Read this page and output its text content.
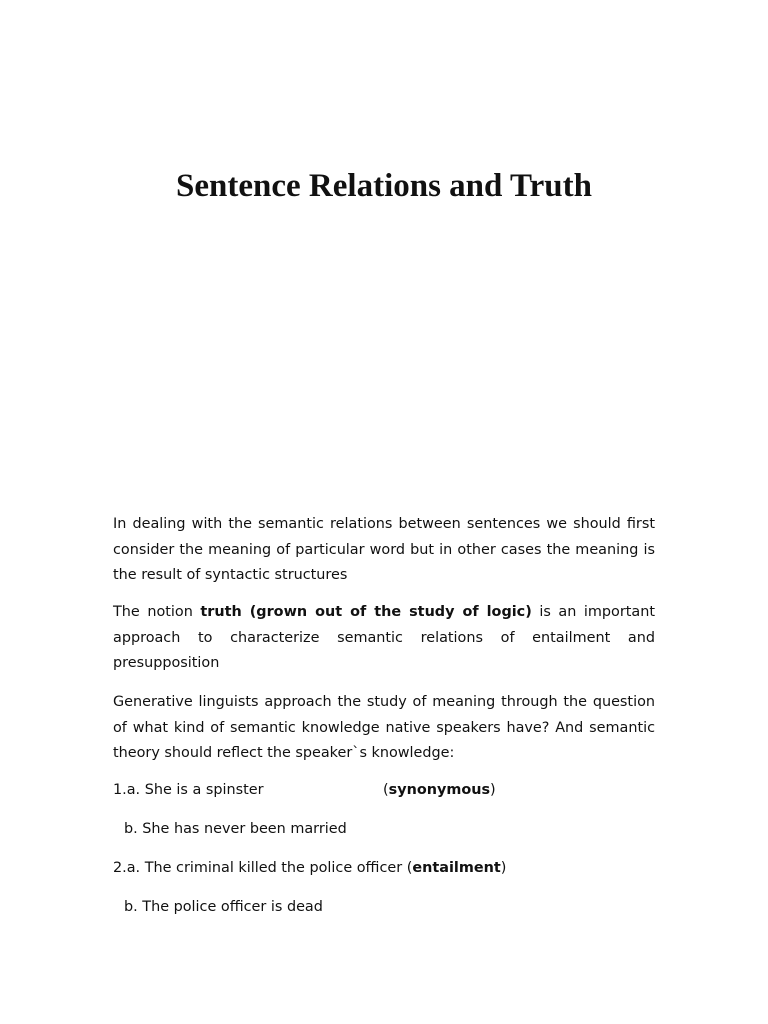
Sentence Relations and Truth

In dealing with the semantic relations between sentences we should first consider the meaning of particular word but in other cases the meaning is the result of syntactic structures

The notion truth (grown out of the study of logic) is an important approach to characterize semantic relations of entailment and presupposition

Generative linguists approach the study of meaning through the question of what kind of semantic knowledge native speakers have? And semantic theory should reflect the speaker`s knowledge:

1.a. She is a spinster	(synonymous)

b. She has never been married

2.a. The criminal killed the police officer (entailment)

b. The police officer is dead
